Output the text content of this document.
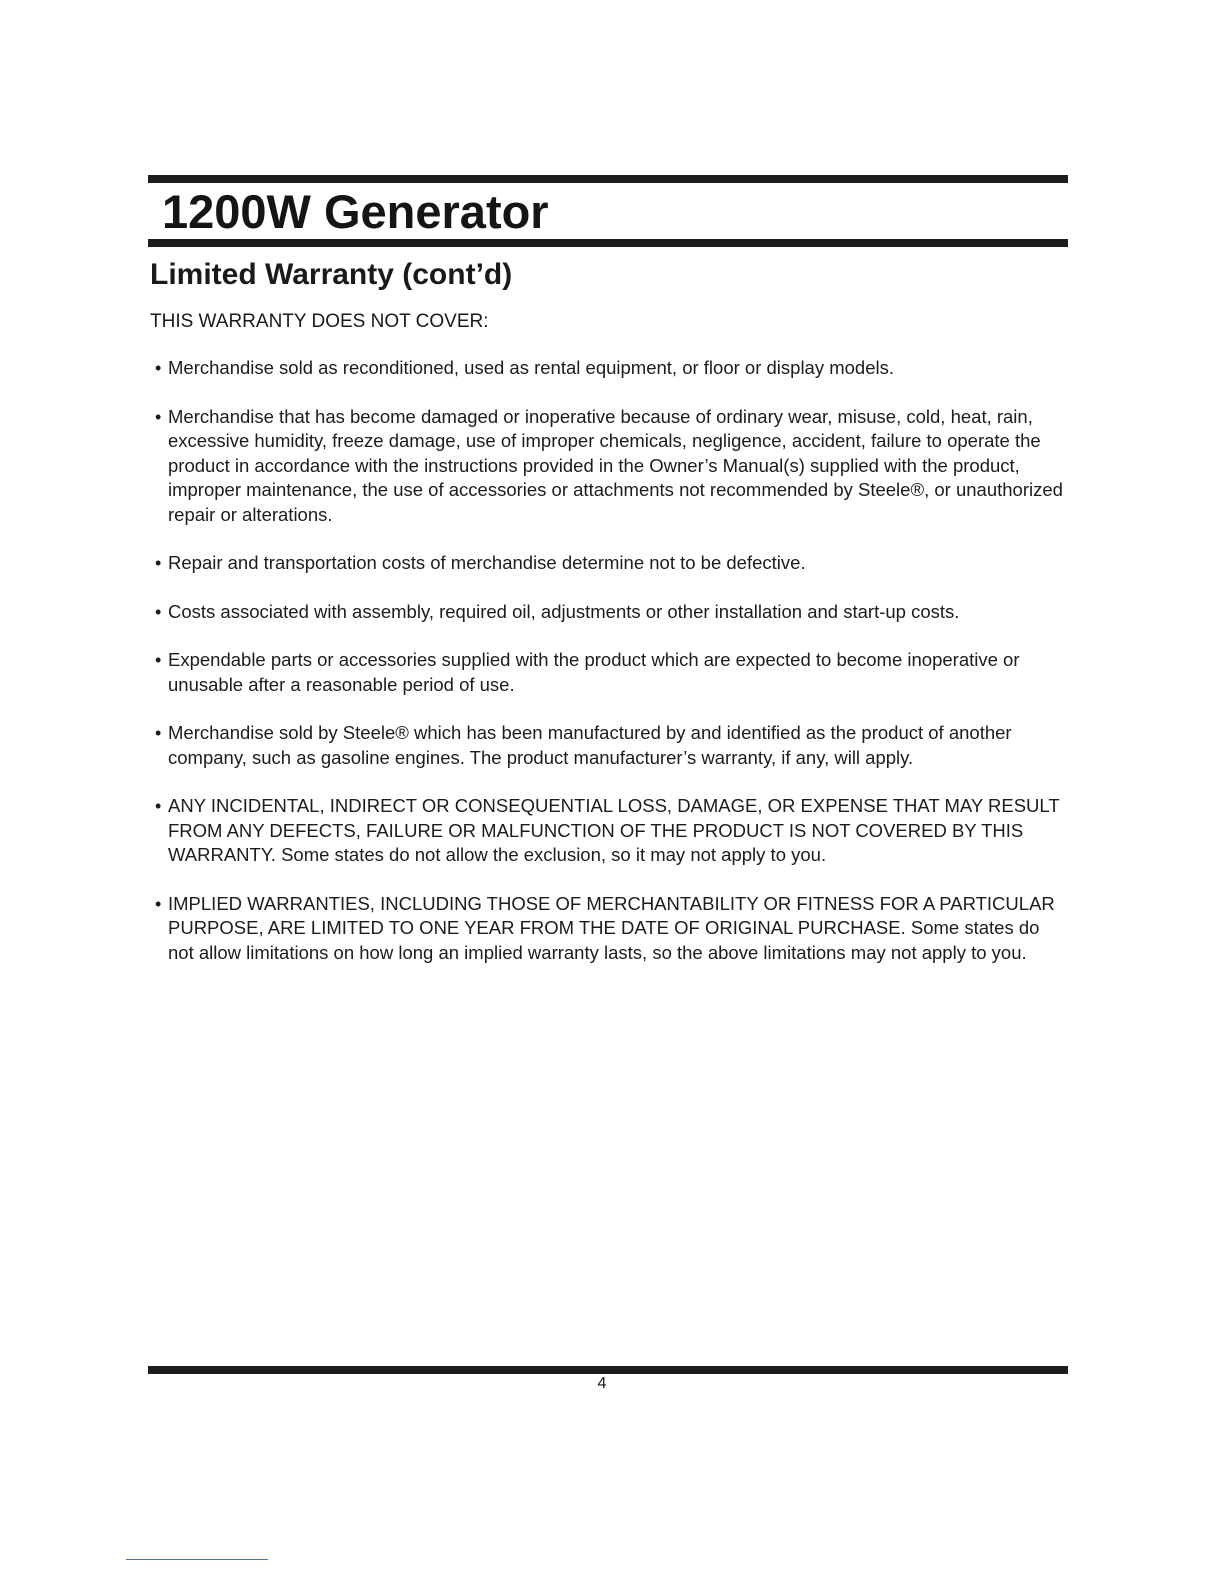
1200W Generator
Limited Warranty (cont’d)

THIS WARRANTY DOES NOT COVER:

• Merchandise sold as reconditioned, used as rental equipment, or floor or display models.
• Merchandise that has become damaged or inoperative because of ordinary wear, misuse, cold, heat, rain, excessive humidity, freeze damage, use of improper chemicals, negligence, accident, failure to operate the product in accordance with the instructions provided in the Owner’s Manual(s) supplied with the product, improper maintenance, the use of accessories or attachments not recommended by Steele®, or unauthorized repair or alterations.
• Repair and transportation costs of merchandise determine not to be defective.
• Costs associated with assembly, required oil, adjustments or other installation and start-up costs.
• Expendable parts or accessories supplied with the product which are expected to become inoperative or unusable after a reasonable period of use.
• Merchandise sold by Steele® which has been manufactured by and identified as the product of another company, such as gasoline engines. The product manufacturer’s warranty, if any, will apply.
• ANY INCIDENTAL, INDIRECT OR CONSEQUENTIAL LOSS, DAMAGE, OR EXPENSE THAT MAY RESULT FROM ANY DEFECTS, FAILURE OR MALFUNCTION OF THE PRODUCT IS NOT COVERED BY THIS WARRANTY. Some states do not allow the exclusion, so it may not apply to you.
• IMPLIED WARRANTIES, INCLUDING THOSE OF MERCHANTABILITY OR FITNESS FOR A PARTICULAR PURPOSE, ARE LIMITED TO ONE YEAR FROM THE DATE OF ORIGINAL PURCHASE. Some states do not allow limitations on how long an implied warranty lasts, so the above limitations may not apply to you.
4
